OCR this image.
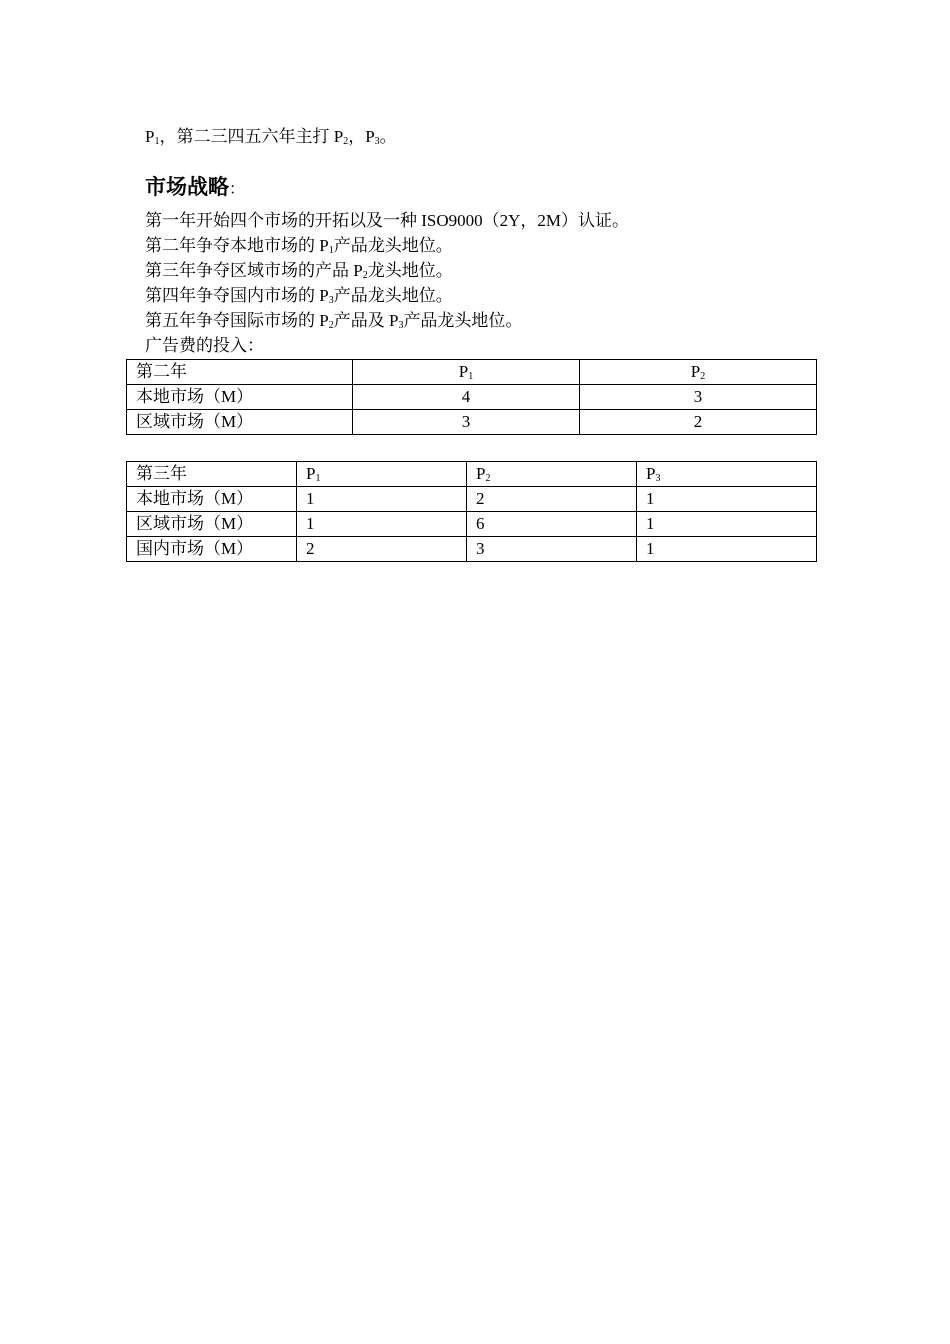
$P_1$，第二三四五六年主打 $P_2$，$P_3$。
市场战略：
第一年开始四个市场的开拓以及一种 ISO9000（2Y，2M）认证。
第二年争夺本地市场的 $P_1$产品龙头地位。
第三年争夺区域市场的产品 $P_2$龙头地位。
第四年争夺国内市场的 $P_3$产品龙头地位。
第五年争夺国际市场的 $P_2$产品及 $P_3$产品龙头地位。
广告费的投入：
第二年	$P_1$	$P_2$
本地市场（M）	4	3
区域市场（M）	3	2
第三年	$P_1$	$P_2$	$P_3$
本地市场（M）	1	2	1
区域市场（M）	1	6	1
国内市场（M）	2	3	1
